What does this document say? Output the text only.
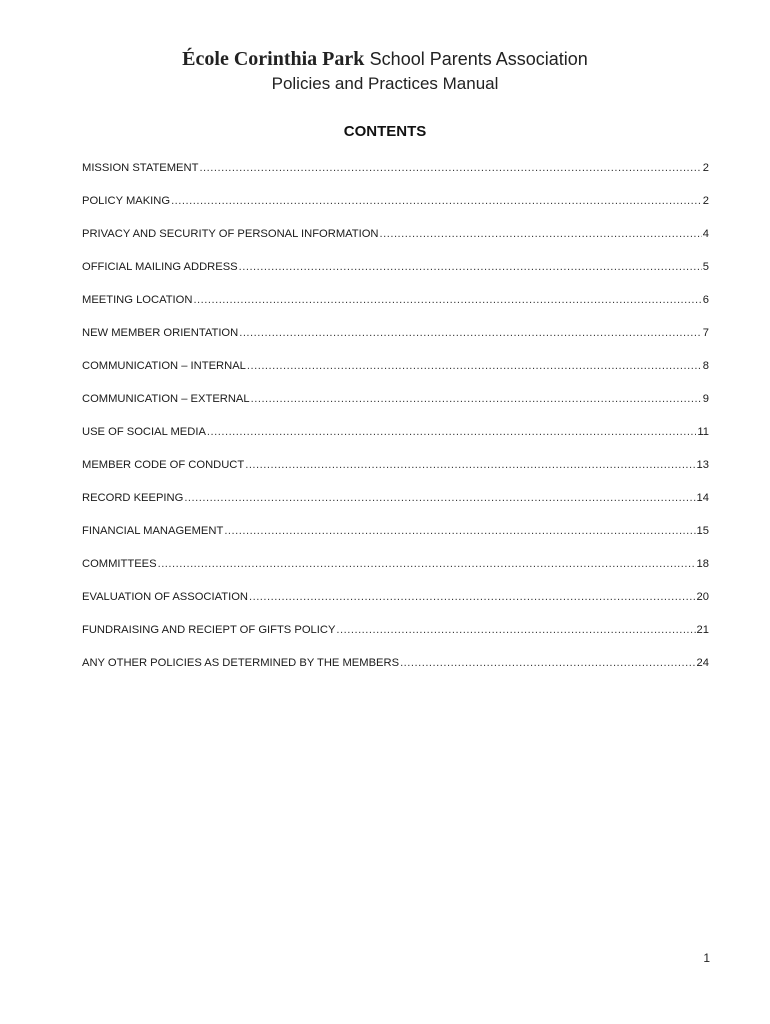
École Corinthia Park School Parents Association
Policies and Practices Manual
CONTENTS
MISSION STATEMENT .....	2
POLICY MAKING .....	2
PRIVACY AND SECURITY OF PERSONAL INFORMATION .....	4
OFFICIAL MAILING ADDRESS .....	5
MEETING LOCATION .....	6
NEW MEMBER ORIENTATION .....	7
COMMUNICATION – INTERNAL .....	8
COMMUNICATION – EXTERNAL .....	9
USE OF SOCIAL MEDIA .....	11
MEMBER CODE OF CONDUCT .....	13
RECORD KEEPING .....	14
FINANCIAL MANAGEMENT .....	15
COMMITTEES .....	18
EVALUATION OF ASSOCIATION .....	20
FUNDRAISING AND RECIEPT OF GIFTS POLICY .....	21
ANY OTHER POLICIES AS DETERMINED BY THE MEMBERS .....	24
1
